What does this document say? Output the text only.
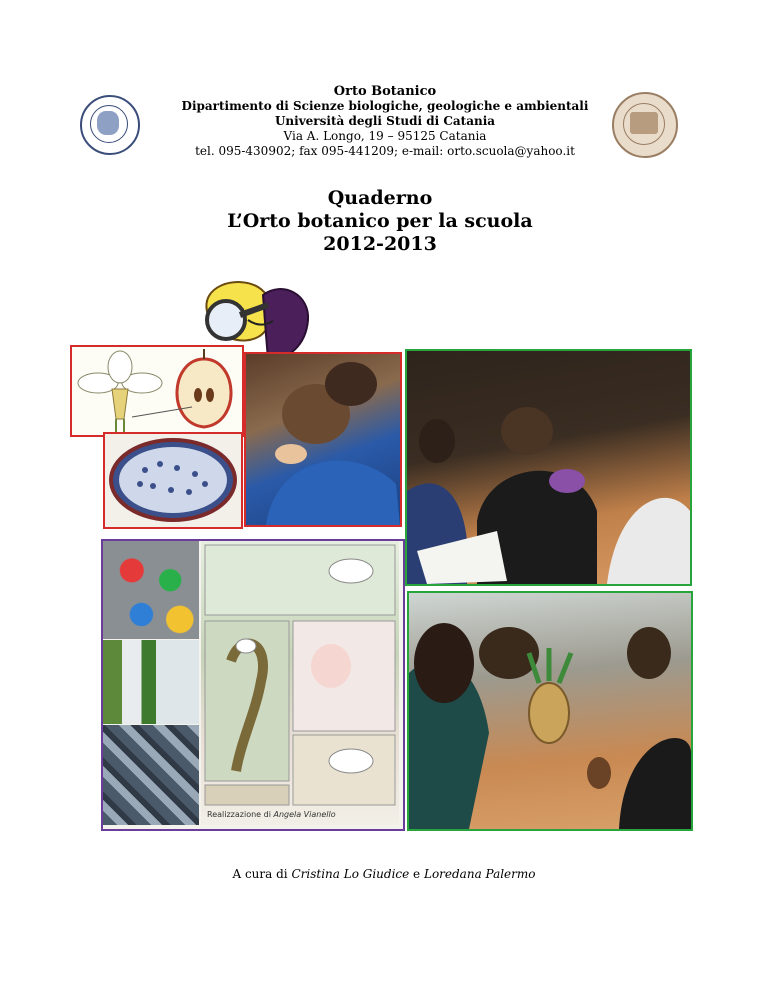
Orto Botanico
Dipartimento di Scienze biologiche, geologiche e ambientali
Università degli Studi di Catania
Via A. Longo, 19 – 95125 Catania
tel. 095-430902; fax 095-441209; e-mail: orto.scuola@yahoo.it
Quaderno
L’Orto botanico per la scuola
2012-2013
Realizzazione di Angela Vianello
A cura di Cristina Lo Giudice e Loredana Palermo
